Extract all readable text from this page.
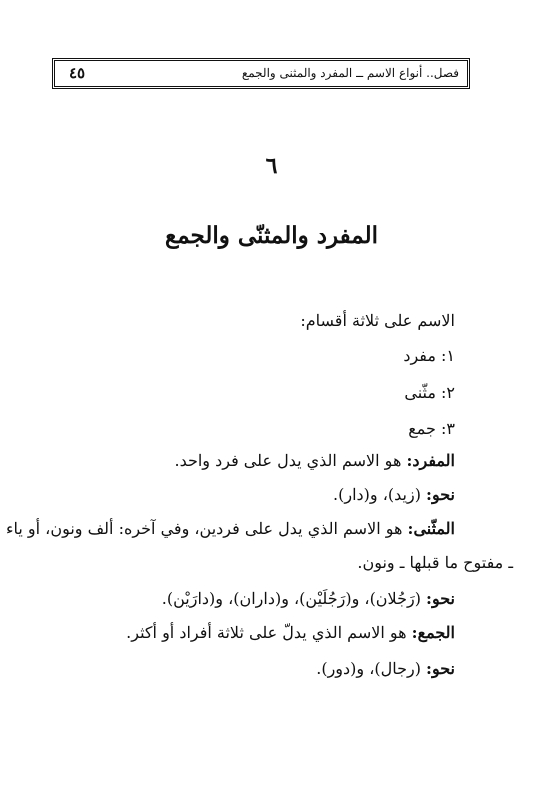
فصل.. أنواع الاسم ــ المفرد والمثنى والجمع
٤٥
٦
المفرد والمثنّى والجمع
الاسم على ثلاثة أقسام:
١: مفرد
٢: مثّنى
٣: جمع
المفرد: هو الاسم الذي يدل على فرد واحد.
نحو: (زيد)، و(دار).
المثّنى: هو الاسم الذي يدل على فردين، وفي آخره: ألف ونون، أو ياء
ـ مفتوح ما قبلها ـ ونون.
نحو: (رَجُلان)، و(رَجُلَيْن)، و(داران)، و(دارَيْن).
الجمع: هو الاسم الذي يدلّ على ثلاثة أفراد أو أكثر.
نحو: (رجال)، و(دور).
